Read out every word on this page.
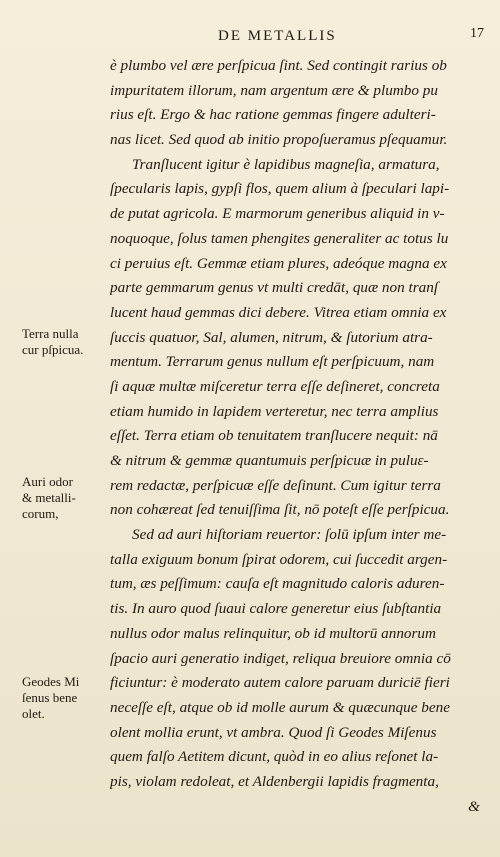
DE METALLIS	17
è plumbo vel ære perſpicua ſint. Sed contingit rarius ob
impuritatem illorum, nam argentum ære & plumbo pu
rius eſt. Ergo & hac ratione gemmas fingere adulteri-
nas licet. Sed quod ab initio propoſueramus pſequamur.
Tranſlucent igitur è lapidibus magneſia, armatura,
ſpecularis lapis, gypſi flos, quem alium à ſpeculari lapi-
de putat agricola. E marmorum generibus aliquid in v-
noquoque, ſolus tamen phengites generaliter ac totus lu
ci peruius eſt. Gemmæ etiam plures, adeóque magna ex
parte gemmarum genus vt multi credāt, quæ non tranſ
lucent haud gemmas dici debere. Vitrea etiam omnia ex
ſuccis quatuor, Sal, alumen, nitrum, & ſutorium atra-
mentum. Terrarum genus nullum eſt perſpicuum, nam
ſi aquæ multæ miſceretur terra eſſe deſineret, concreta
etiam humido in lapidem verteretur, nec terra amplius
eſſet. Terra etiam ob tenuitatem tranſlucere nequit: nā
& nitrum & gemmæ quantumuis perſpicuæ in puluε-
rem redactæ, perſpicuæ eſſe deſinunt. Cum igitur terra
non cohæreat ſed tenuiſſima ſit, nō poteſt eſſe perſpicua.
Sed ad auri hiſtoriam reuertor: ſolū ipſum inter me-
talla exiguum bonum ſpirat odorem, cui ſuccedit argen-
tum, æs peſſimum: cauſa eſt magnitudo caloris aduren-
tis. In auro quod ſuaui calore generetur eius ſubſtantia
nullus odor malus relinquitur, ob id multorū annorum
ſpacio auri generatio indiget, reliqua breuiore omnia cō
ficiuntur: è moderato autem calore paruam duriciē fieri
neceſſe eſt, atque ob id molle aurum & quæcunque bene
olent mollia erunt, vt ambra. Quod ſi Geodes Miſenus
quem falſo Aetitem dicunt, quòd in eo alius reſonet la-
pis, violam redoleat, et Aldenbergii lapidis fragmenta,
&
Terra nulla
cur pſpicua.
Auri odor
& metalli-
corum,
Geodes Mi
ſenus bene
olet.
